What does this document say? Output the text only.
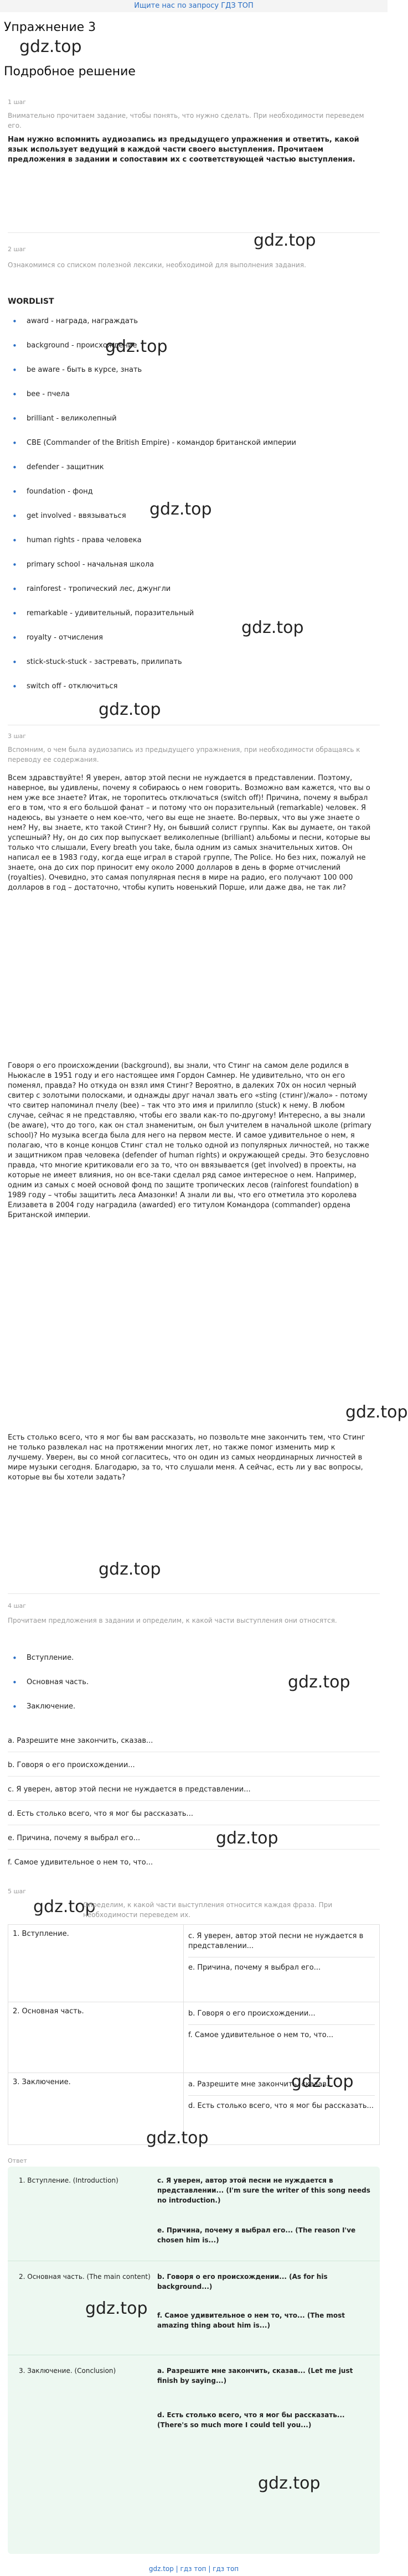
Ищите нас по запросу ГДЗ ТОП
Упражнение 3
gdz.top
Подробное решение
1 шаг
Внимательно прочитаем задание, чтобы понять, что нужно сделать. При необходимости переведем его.
Нам нужно вспомнить аудиозапись из предыдущего упражнения и ответить, какой язык использует ведущий в каждой части своего выступления. Прочитаем предложения в задании и сопоставим их с соответствующей частью выступления.
gdz.top
2 шаг
Ознакомимся со списком полезной лексики, необходимой для выполнения задания.
WORDLIST
• award - награда, награждать
• background - происхождение
• be aware - быть в курсе, знать
• bee - пчела
• brilliant - великолепный
• CBE (Commander of the British Empire) - командор британской империи
• defender - защитник
• foundation - фонд
• get involved - ввязываться
• human rights - права человека
• primary school - начальная школа
• rainforest - тропический лес, джунгли
• remarkable - удивительный, поразительный
• royalty - отчисления
• stick-stuck-stuck - застревать, прилипать
• switch off - отключиться
gdz.top
gdz.top
gdz.top
gdz.top
3 шаг
Вспомним, о чем была аудиозапись из предыдущего упражнения, при необходимости обращаясь к переводу ее содержания.
Всем здравствуйте! Я уверен, автор этой песни не нуждается в представлении. Поэтому, наверное, вы удивлены, почему я собираюсь о нем говорить. Возможно вам кажется, что вы о нем уже все знаете? Итак, не торопитесь отключаться (switch off)! Причина, почему я выбрал его в том, что я его большой фанат – и потому что он поразительный (remarkable) человек. Я надеюсь, вы узнаете о нем кое-что, чего вы еще не знаете. Во-первых, что вы уже знаете о нем? Ну, вы знаете, кто такой Стинг? Ну, он бывший солист группы. Как вы думаете, он такой успешный? Ну, он до сих пор выпускает великолепные (brilliant) альбомы и песни, которые вы только что слышали, Every breath you take, была одним из самых значительных хитов. Он написал ее в 1983 году, когда еще играл в старой группе, The Police. Но без них, пожалуй не знаете, она до сих пор приносит ему около 2000 долларов в день в форме отчислений (royalties). Очевидно, это самая популярная песня в мире на радио, его получают 100 000 долларов в год – достаточно, чтобы купить новенький Порше, или даже два, не так ли?
Говоря о его происхождении (background), вы знали, что Стинг на самом деле родился в Ньюкасле в 1951 году и его настоящее имя Гордон Самнер. Не удивительно, что он его поменял, правда? Но откуда он взял имя Стинг? Вероятно, в далеких 70х он носил черный свитер с золотыми полосками, и однажды друг начал звать его «sting (стинг)/жало» - потому что свитер напоминал пчелу (bee) – так что это имя и прилипло (stuck) к нему. В любом случае, сейчас я не представляю, чтобы его звали как-то по-другому! Интересно, а вы знали (be aware), что до того, как он стал знаменитым, он был учителем в начальной школе (primary school)? Но музыка всегда была для него на первом месте. И самое удивительное о нем, я полагаю, что в конце концов Стинг стал не только одной из популярных личностей, но также и защитником прав человека (defender of human rights) и окружающей среды. Это безусловно правда, что многие критиковали его за то, что он ввязывается (get involved) в проекты, на которые не имеет влияния, но он все-таки сделал ряд самое интересное о нем. Например, одним из самых с моей основой фонд по защите тропических лесов (rainforest foundation) в 1989 году – чтобы защитить леса Амазонки! А знали ли вы, что его отметила это королева Елизавета в 2004 году наградила (awarded) его титулом Командора (commander) ордена Британской империи.
Есть столько всего, что я мог бы вам рассказать, но позвольте мне закончить тем, что Стинг не только развлекал нас на протяжении многих лет, но также помог изменить мир к лучшему. Уверен, вы со мной согласитесь, что он один из самых неординарных личностей в мире музыки сегодня. Благодарю, за то, что слушали меня. А сейчас, есть ли у вас вопросы, которые вы бы хотели задать?
gdz.top
gdz.top
4 шаг
Прочитаем предложения в задании и определим, к какой части выступления они относятся.
• Вступление.
• Основная часть.
• Заключение.
gdz.top
a. Разрешите мне закончить, сказав...
b. Говоря о его происхождении...
c. Я уверен, автор этой песни не нуждается в представлении...
d. Есть столько всего, что я мог бы рассказать...
e. Причина, почему я выбрал его...
f. Самое удивительное о нем то, что...
gdz.top
gdz.top
5 шаг
Определим, к какой части выступления относится каждая фраза. При необходимости переведем их.
1. Вступление.	c. Я уверен, автор этой песни не нуждается в представлении...
e. Причина, почему я выбрал его...

2. Основная часть.	b. Говоря о его происхождении...
f. Самое удивительное о нем то, что...

3. Заключение.	a. Разрешите мне закончить, сказав...
d. Есть столько всего, что я мог бы рассказать...
gdz.top
gdz.top
Ответ
1. Вступление. (Introduction)	c. Я уверен, автор этой песни не нуждается в представлении... (I'm sure the writer of this song needs no introduction.)
e. Причина, почему я выбрал его... (The reason I've chosen him is...)
2. Основная часть. (The main content) b. Говоря о его происхождении... (As for his background...)
f. Самое удивительное о нем то, что... (The most amazing thing about him is...)
3. Заключение. (Conclusion)	a. Разрешите мне закончить, сказав... (Let me just finish by saying...)
d. Есть столько всего, что я мог бы рассказать... (There's so much more I could tell you...)
gdz.top
gdz.top
gdz.top | гдз топ | гдз топ
